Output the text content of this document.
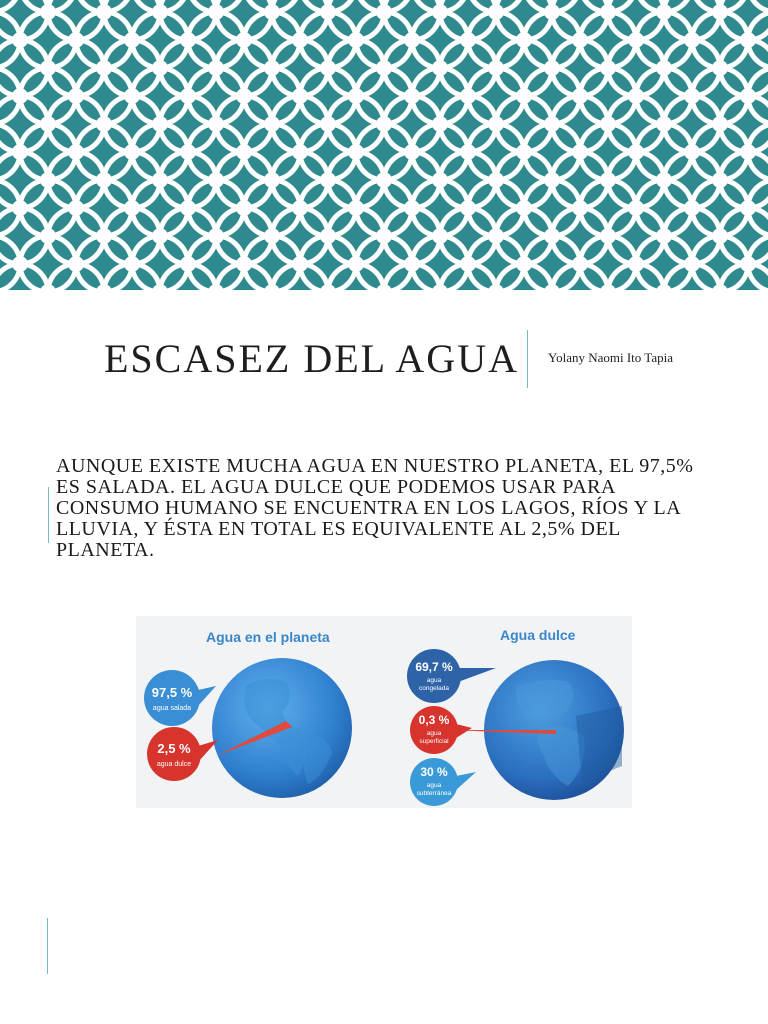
ESCASEZ DEL AGUA Yolany Naomi Ito Tapia
AUNQUE EXISTE MUCHA AGUA EN NUESTRO PLANETA, EL 97,5% ES SALADA. EL AGUA DULCE QUE PODEMOS USAR PARA CONSUMO HUMANO SE ENCUENTRA EN LOS LAGOS, RÍOS Y LA LLUVIA, Y ÉSTA EN TOTAL ES EQUIVALENTE AL 2,5% DEL PLANETA.
Agua en el planeta
97,5 %
agua salada
2,5 %
agua dulce
Agua dulce
69,7 %
agua
congelada
0,3 %
agua
superficial
30 %
agua
subterránea
